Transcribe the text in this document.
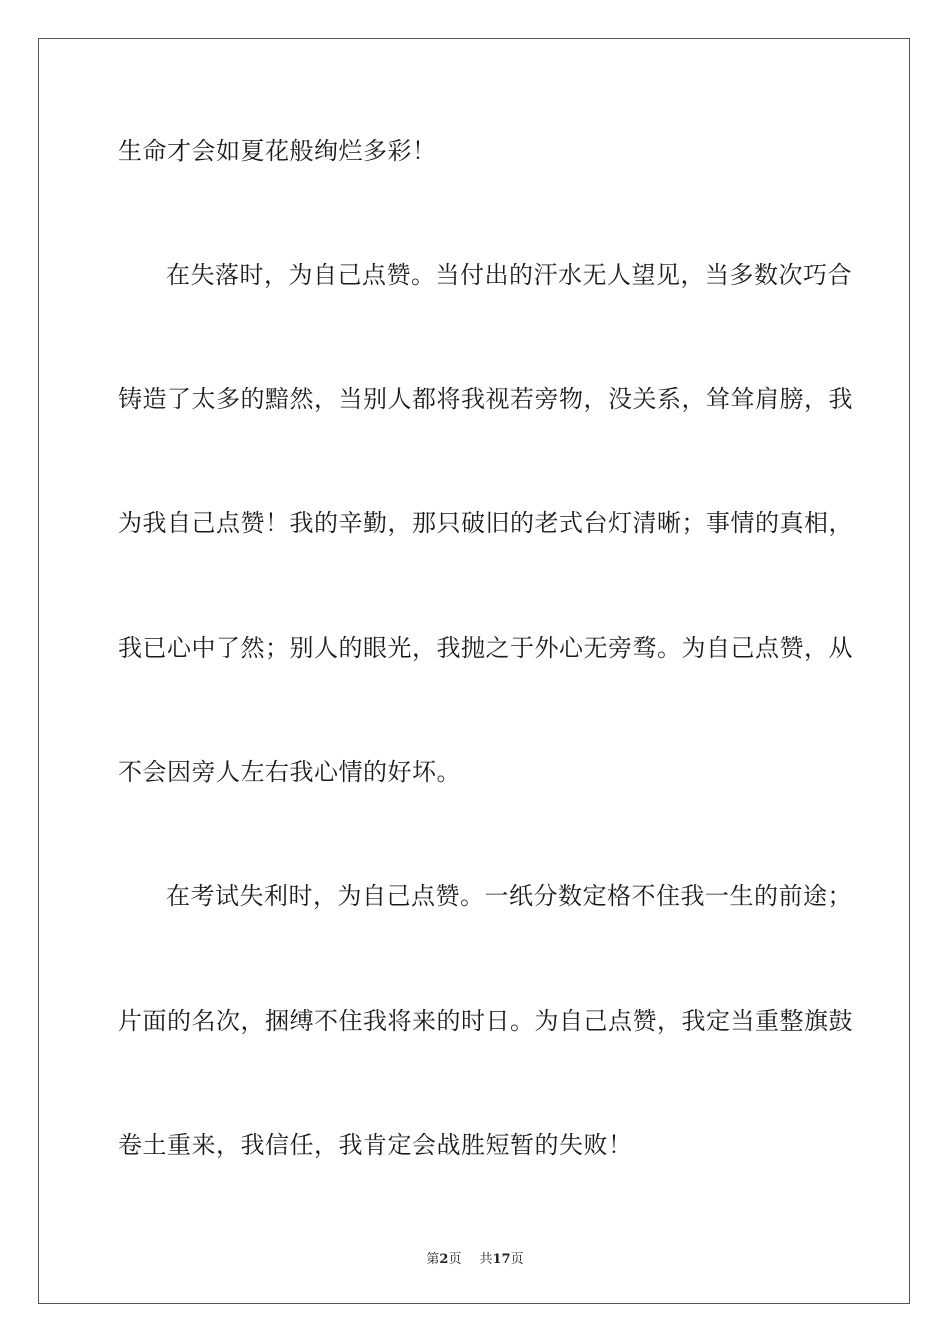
生命才会如夏花般绚烂多彩！
在失落时，为自己点赞。当付出的汗水无人望见，当多数次巧合
铸造了太多的黯然，当别人都将我视若旁物，没关系，耸耸肩膀，我
为我自己点赞！我的辛勤，那只破旧的老式台灯清晰；事情的真相，
我已心中了然；别人的眼光，我抛之于外心无旁骛。为自己点赞，从
不会因旁人左右我心情的好坏。
在考试失利时，为自己点赞。一纸分数定格不住我一生的前途；
片面的名次，捆缚不住我将来的时日。为自己点赞，我定当重整旗鼓
卷土重来，我信任，我肯定会战胜短暂的失败！
第2页 共17页
